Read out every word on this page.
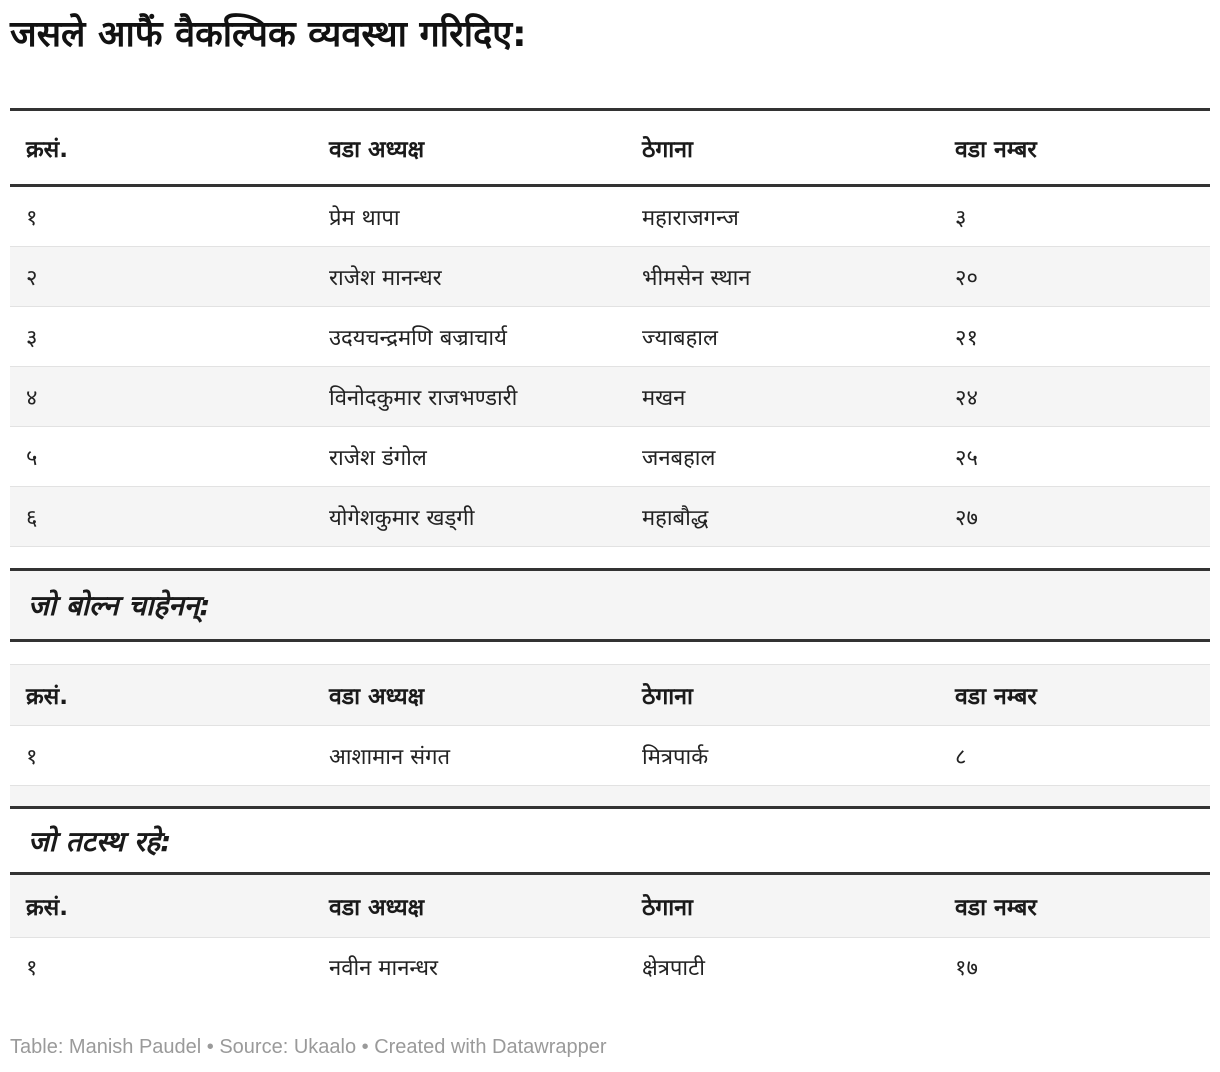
जसले आफैं वैकल्पिक व्यवस्था गरिदिए:
क्रसं.	वडा अध्यक्ष	ठेगाना	वडा नम्बर
१	प्रेम थापा	महाराजगन्ज	३
२	राजेश मानन्धर	भीमसेन स्थान	२०
३	उदयचन्द्रमणि बज्राचार्य	ज्याबहाल	२१
४	विनोदकुमार राजभण्डारी	मखन	२४
५	राजेश डंगोल	जनबहाल	२५
६	योगेशकुमार खड्गी	महाबौद्ध	२७
जो बोल्न चाहेनन्:
क्रसं.	वडा अध्यक्ष	ठेगाना	वडा नम्बर
१	आशामान संगत	मित्रपार्क	८
जो तटस्थ रहे:
क्रसं.	वडा अध्यक्ष	ठेगाना	वडा नम्बर
१	नवीन मानन्धर	क्षेत्रपाटी	१७
Table: Manish Paudel • Source: Ukaalo • Created with Datawrapper
